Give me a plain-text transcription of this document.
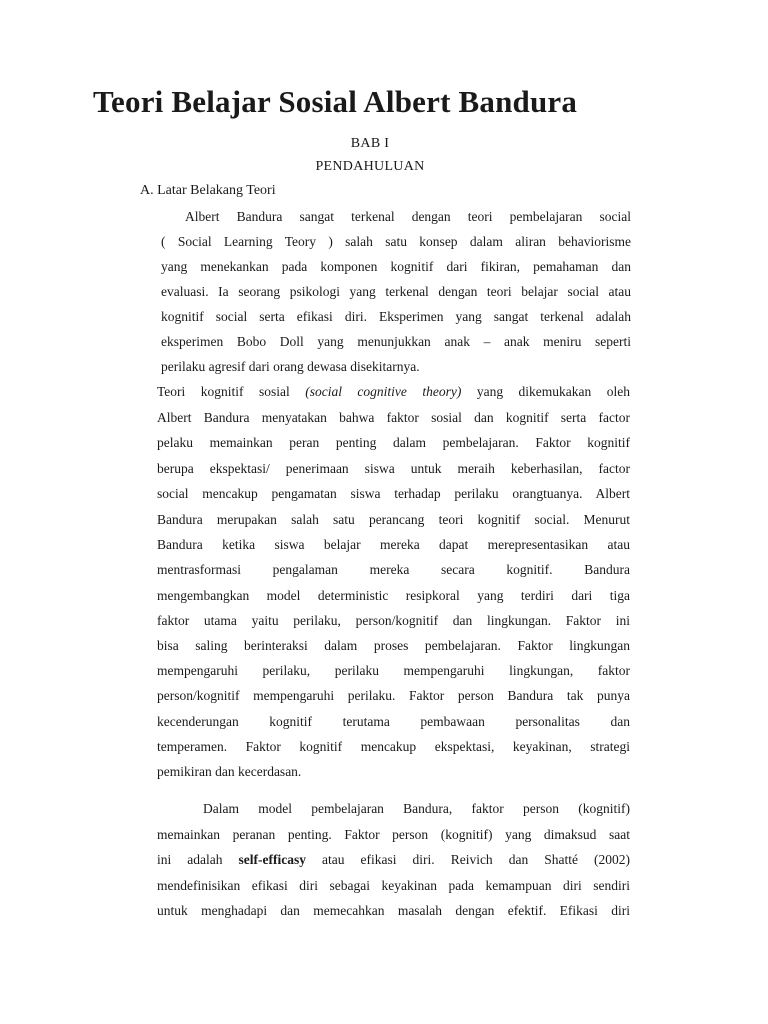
Teori Belajar Sosial Albert Bandura
BAB I
PENDAHULUAN
A. Latar Belakang Teori

Albert Bandura sangat terkenal dengan teori pembelajaran social

( Social Learning Teory ) salah satu konsep dalam aliran behaviorisme

yang menekankan pada komponen kognitif dari fikiran, pemahaman dan

evaluasi. Ia seorang psikologi yang terkenal dengan teori belajar social atau

kognitif social serta efikasi diri. Eksperimen yang sangat terkenal adalah

eksperimen Bobo Doll yang menunjukkan anak – anak meniru seperti

perilaku agresif dari orang dewasa disekitarnya.

Teori kognitif sosial (social cognitive theory) yang dikemukakan oleh

Albert Bandura menyatakan bahwa faktor sosial dan kognitif serta factor

pelaku memainkan peran penting dalam pembelajaran. Faktor kognitif

berupa ekspektasi/ penerimaan siswa untuk meraih keberhasilan, factor

social mencakup pengamatan siswa terhadap perilaku orangtuanya. Albert

Bandura merupakan salah satu perancang teori kognitif social. Menurut

Bandura ketika siswa belajar mereka dapat merepresentasikan atau

mentrasformasi pengalaman mereka secara kognitif. Bandura

mengembangkan model deterministic resipkoral yang terdiri dari tiga

faktor utama yaitu perilaku, person/kognitif dan lingkungan. Faktor ini

bisa saling berinteraksi dalam proses pembelajaran. Faktor lingkungan

mempengaruhi perilaku, perilaku mempengaruhi lingkungan, faktor

person/kognitif mempengaruhi perilaku. Faktor person Bandura tak punya

kecenderungan kognitif terutama pembawaan personalitas dan

temperamen. Faktor kognitif mencakup ekspektasi, keyakinan, strategi

pemikiran dan kecerdasan.

Dalam model pembelajaran Bandura, faktor person (kognitif)

memainkan peranan penting. Faktor person (kognitif) yang dimaksud saat

ini adalah self-efficasy atau efikasi diri. Reivich dan Shatté (2002)

mendefinisikan efikasi diri sebagai keyakinan pada kemampuan diri sendiri

untuk menghadapi dan memecahkan masalah dengan efektif. Efikasi diri
